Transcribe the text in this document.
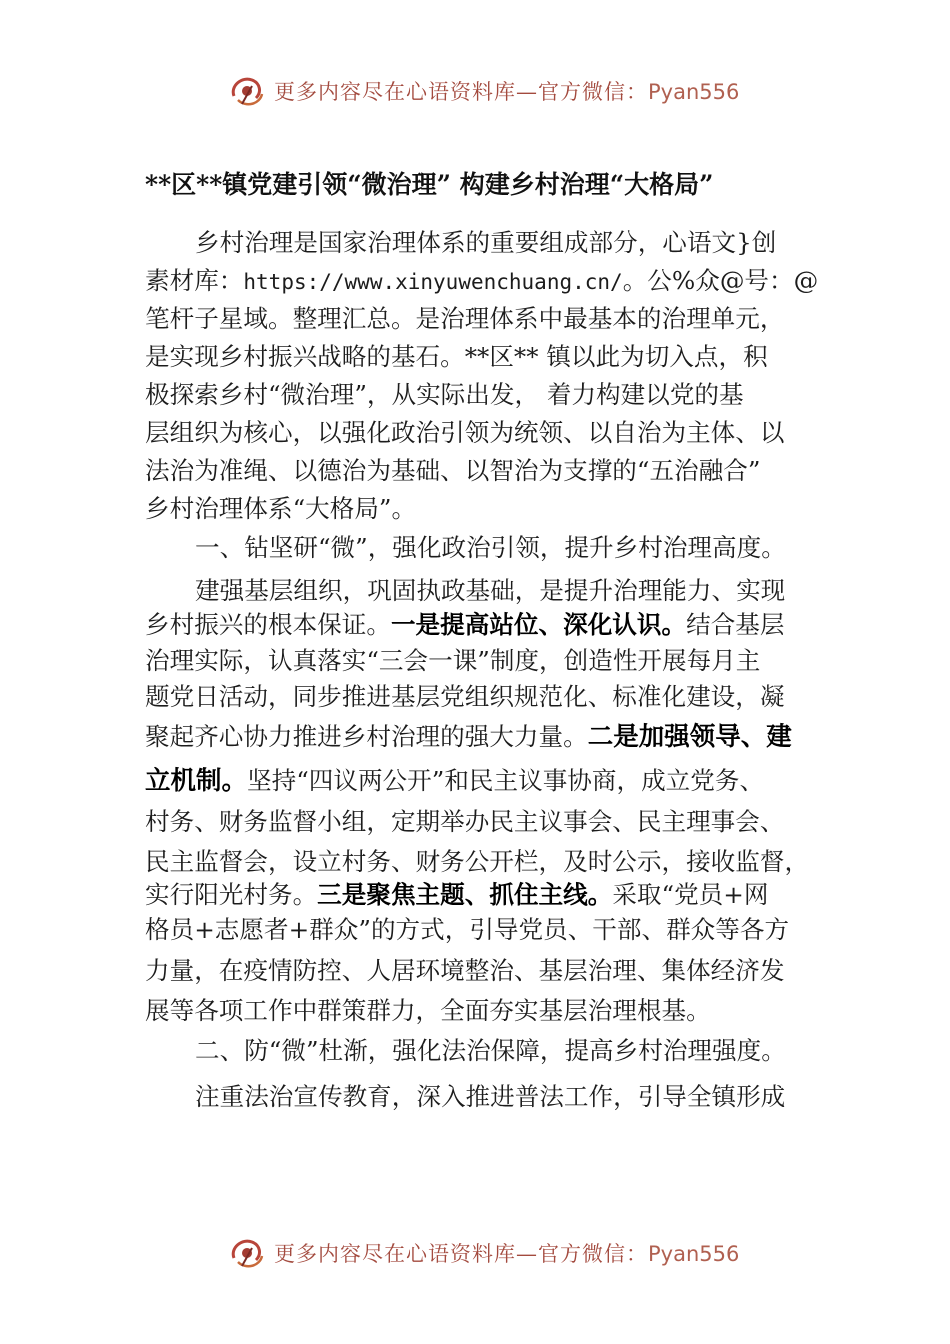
更多内容尽在心语资料库—官方微信：Pyan556
**区**镇党建引领“微治理” 构建乡村治理“大格局”
乡村治理是国家治理体系的重要组成部分，心语文}创
素材库：https://www.xinyuwenchuang.cn/。公%众@号：@
笔杆子星域。整理汇总。是治理体系中最基本的治理单元，
是实现乡村振兴战略的基石。**区** 镇以此为切入点，积
极探索乡村“微治理”，从实际出发， 着力构建以党的基
层组织为核心，以强化政治引领为统领、以自治为主体、以
法治为准绳、以德治为基础、以智治为支撑的“五治融合”
乡村治理体系“大格局”。
一、钻坚研“微”，强化政治引领，提升乡村治理高度。
建强基层组织，巩固执政基础，是提升治理能力、实现
乡村振兴的根本保证。一是提高站位、深化认识。结合基层
治理实际，认真落实“三会一课”制度，创造性开展每月主
题党日活动，同步推进基层党组织规范化、标准化建设，凝
聚起齐心协力推进乡村治理的强大力量。二是加强领导、建
立机制。坚持“四议两公开”和民主议事协商，成立党务、
村务、财务监督小组，定期举办民主议事会、民主理事会、
民主监督会，设立村务、财务公开栏，及时公示，接收监督，
实行阳光村务。三是聚焦主题、抓住主线。采取“党员+网
格员+志愿者+群众”的方式，引导党员、干部、群众等各方
力量，在疫情防控、人居环境整治、基层治理、集体经济发
展等各项工作中群策群力，全面夯实基层治理根基。
二、防“微”杜渐，强化法治保障，提高乡村治理强度。
注重法治宣传教育，深入推进普法工作，引导全镇形成
更多内容尽在心语资料库—官方微信：Pyan556
